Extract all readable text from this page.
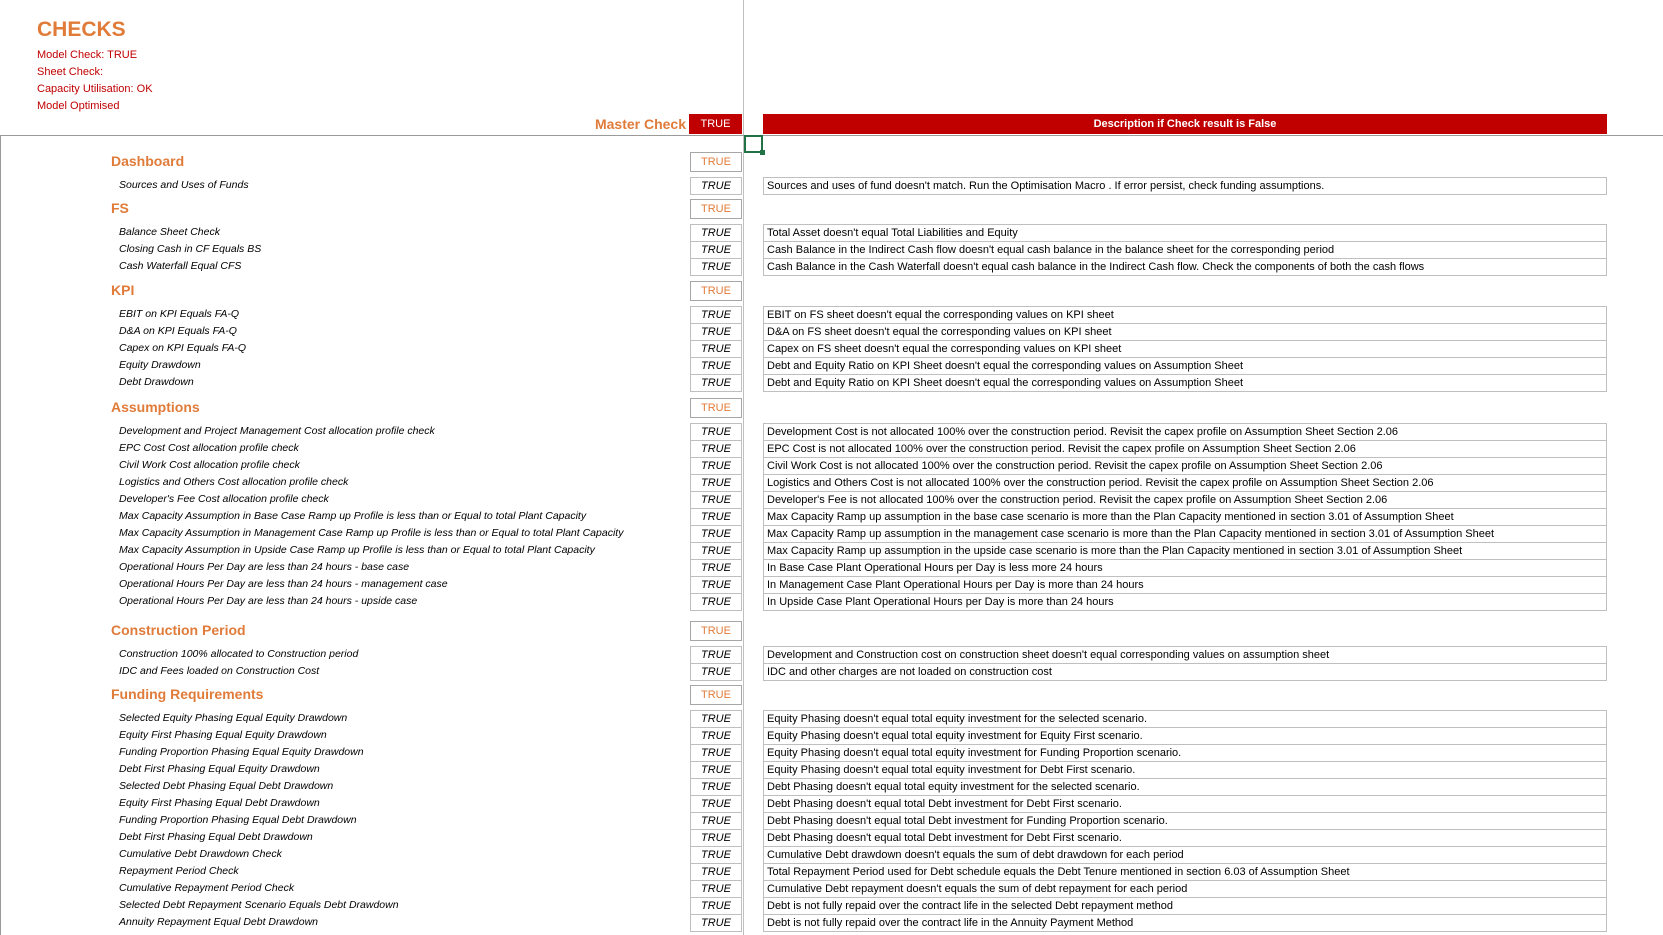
CHECKS
Model Check: TRUE
Sheet Check:
Capacity Utilisation: OK
Model Optimised
Master Check	TRUE	Description if Check result is False
Dashboard	TRUE
Sources and Uses of Funds	TRUE	Sources and uses of fund doesn't match. Run the Optimisation Macro . If error persist, check funding assumptions.
FS	TRUE
Balance Sheet Check	TRUE	Total Asset doesn't equal Total Liabilities and Equity
Closing Cash in CF Equals BS	TRUE	Cash Balance in the Indirect Cash flow doesn't equal cash balance in the balance sheet for the corresponding period
Cash Waterfall Equal CFS	TRUE	Cash Balance in the Cash Waterfall doesn't equal cash balance in the Indirect Cash flow. Check the components of both the cash flows
KPI	TRUE
EBIT on KPI Equals FA-Q	TRUE	EBIT on FS sheet doesn't equal the corresponding values on KPI sheet
D&A on KPI Equals FA-Q	TRUE	D&A on FS sheet doesn't equal the corresponding values on KPI sheet
Capex on KPI Equals FA-Q	TRUE	Capex on FS sheet doesn't equal the corresponding values on KPI sheet
Equity Drawdown	TRUE	Debt and Equity Ratio on KPI Sheet doesn't equal the corresponding values on Assumption Sheet
Debt Drawdown	TRUE	Debt and Equity Ratio on KPI Sheet doesn't equal the corresponding values on Assumption Sheet
Assumptions	TRUE
Development and Project Management Cost allocation profile check	TRUE	Development Cost is not allocated 100% over the construction period. Revisit the capex profile on Assumption Sheet Section 2.06
EPC Cost Cost allocation profile check	TRUE	EPC Cost is not allocated 100% over the construction period. Revisit the capex profile on Assumption Sheet Section 2.06
Civil Work Cost allocation profile check	TRUE	Civil Work Cost is not allocated 100% over the construction period. Revisit the capex profile on Assumption Sheet Section 2.06
Logistics and Others Cost allocation profile check	TRUE	Logistics and Others Cost is not allocated 100% over the construction period. Revisit the capex profile on Assumption Sheet Section 2.06
Developer's Fee Cost allocation profile check	TRUE	Developer's Fee is not allocated 100% over the construction period. Revisit the capex profile on Assumption Sheet Section 2.06
Max Capacity Assumption in Base Case Ramp up Profile is less than or Equal to total Plant Capacity	TRUE	Max Capacity Ramp up assumption in the base case scenario is more than the Plan Capacity mentioned in section 3.01 of Assumption Sheet
Max Capacity Assumption in Management Case Ramp up Profile is less than or Equal to total Plant Capacity	TRUE	Max Capacity Ramp up assumption in the management case scenario is more than the Plan Capacity mentioned in section 3.01 of Assumption Sheet
Max Capacity Assumption in Upside Case Ramp up Profile is less than or Equal to total Plant Capacity	TRUE	Max Capacity Ramp up assumption in the upside case scenario is more than the Plan Capacity mentioned in section 3.01 of Assumption Sheet
Operational Hours Per Day are less than 24 hours - base case	TRUE	In Base Case Plant Operational Hours per Day is less more 24 hours
Operational Hours Per Day are less than 24 hours - management case	TRUE	In Management Case Plant Operational Hours per Day is more than 24 hours
Operational Hours Per Day are less than 24 hours - upside case	TRUE	In Upside Case Plant Operational Hours per Day is more than 24 hours
Construction Period	TRUE
Construction 100% allocated to Construction period	TRUE	Development and Construction cost on construction sheet doesn't equal corresponding values on assumption sheet
IDC and Fees loaded on Construction Cost	TRUE	IDC and other charges are not loaded on construction cost
Funding Requirements	TRUE
Selected Equity Phasing Equal Equity Drawdown	TRUE	Equity Phasing doesn't equal total equity investment for the selected scenario.
Equity First Phasing Equal Equity Drawdown	TRUE	Equity Phasing doesn't equal total equity investment for Equity First scenario.
Funding Proportion Phasing Equal Equity Drawdown	TRUE	Equity Phasing doesn't equal total equity investment for Funding Proportion scenario.
Debt First Phasing Equal Equity Drawdown	TRUE	Equity Phasing doesn't equal total equity investment for Debt First scenario.
Selected Debt Phasing Equal Debt Drawdown	TRUE	Debt Phasing doesn't equal total equity investment for the selected scenario.
Equity First Phasing Equal Debt Drawdown	TRUE	Debt Phasing doesn't equal total Debt investment for Debt First scenario.
Funding Proportion Phasing Equal Debt Drawdown	TRUE	Debt Phasing doesn't equal total Debt investment for Funding Proportion scenario.
Debt First Phasing Equal Debt Drawdown	TRUE	Debt Phasing doesn't equal total Debt investment for Debt First scenario.
Cumulative Debt Drawdown Check	TRUE	Cumulative Debt drawdown doesn't equals the sum of debt drawdown for each period
Repayment Period Check	TRUE	Total Repayment Period used for Debt schedule equals the Debt Tenure mentioned in section 6.03 of Assumption Sheet
Cumulative Repayment Period Check	TRUE	Cumulative Debt repayment doesn't equals the sum of debt repayment for each period
Selected Debt Repayment Scenario Equals Debt Drawdown	TRUE	Debt is not fully repaid over the contract life in the selected Debt repayment method
Annuity Repayment Equal Debt Drawdown	TRUE	Debt is not fully repaid over the contract life in the Annuity Payment Method
